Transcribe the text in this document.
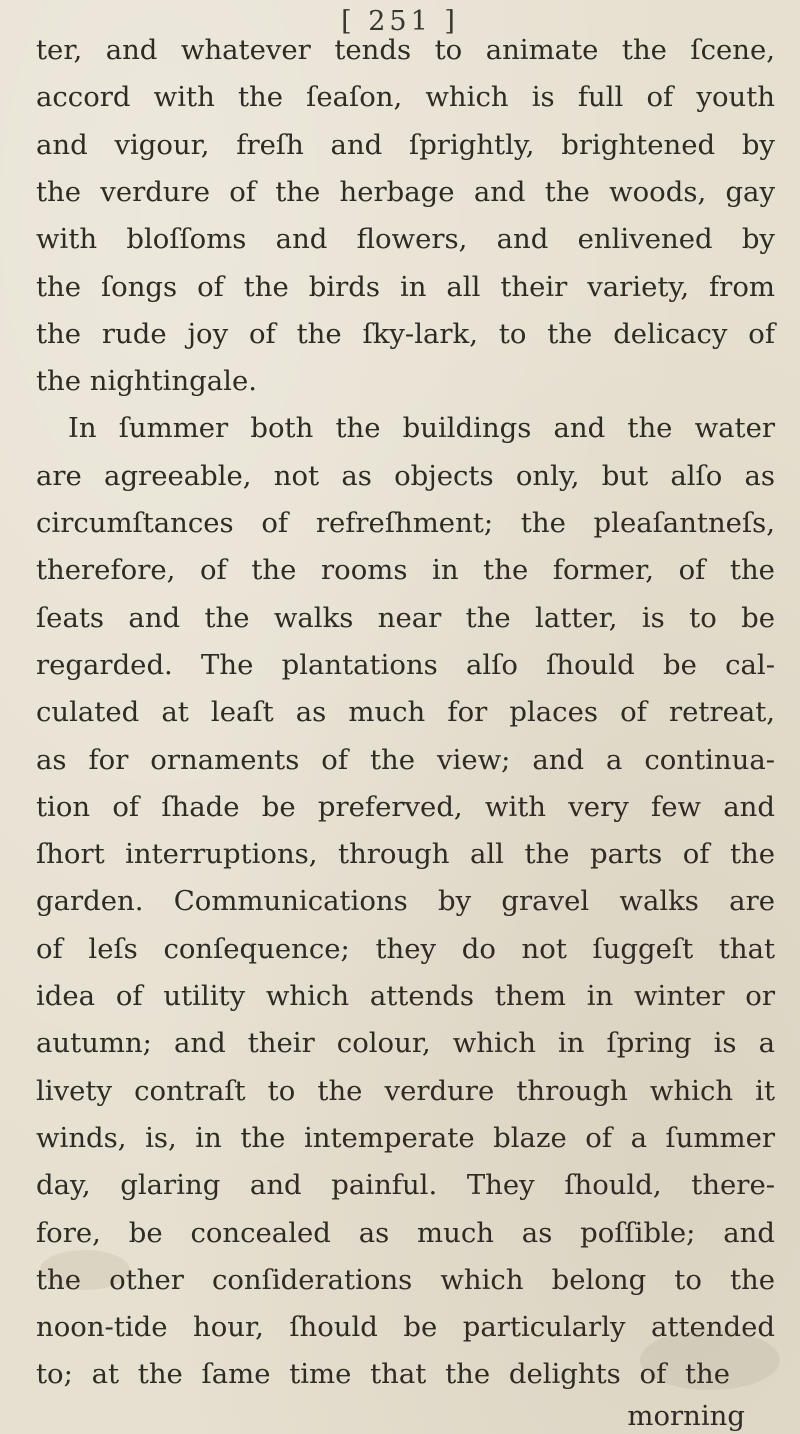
[ 251 ]
ter, and whatever tends to animate the ſcene,
accord with the ſeaſon, which is full of youth
and vigour, freſh and ſprightly, brightened by
the verdure of the herbage and the woods, gay
with bloſſoms and flowers, and enlivened by
the ſongs of the birds in all their variety, from
the rude joy of the ſky-lark, to the delicacy of
the nightingale.
In ſummer both the buildings and the water
are agreeable, not as objects only, but alſo as
circumſtances of refreſhment; the pleaſantneſs,
therefore, of the rooms in the former, of the
ſeats and the walks near the latter, is to be
regarded. The plantations alſo ſhould be cal-
culated at leaſt as much for places of retreat,
as for ornaments of the view; and a continua-
tion of ſhade be preferved, with very few and
ſhort interruptions, through all the parts of the
garden. Communications by gravel walks are
of leſs conſequence; they do not ſuggeſt that
idea of utility which attends them in winter or
autumn; and their colour, which in ſpring is a
livety contraſt to the verdure through which it
winds, is, in the intemperate blaze of a ſummer
day, glaring and painful. They ſhould, there-
fore, be concealed as much as poſſible; and
the other conſiderations which belong to the
noon-tide hour, ſhould be particularly attended
morning
to; at the ſame time that the delights of the
